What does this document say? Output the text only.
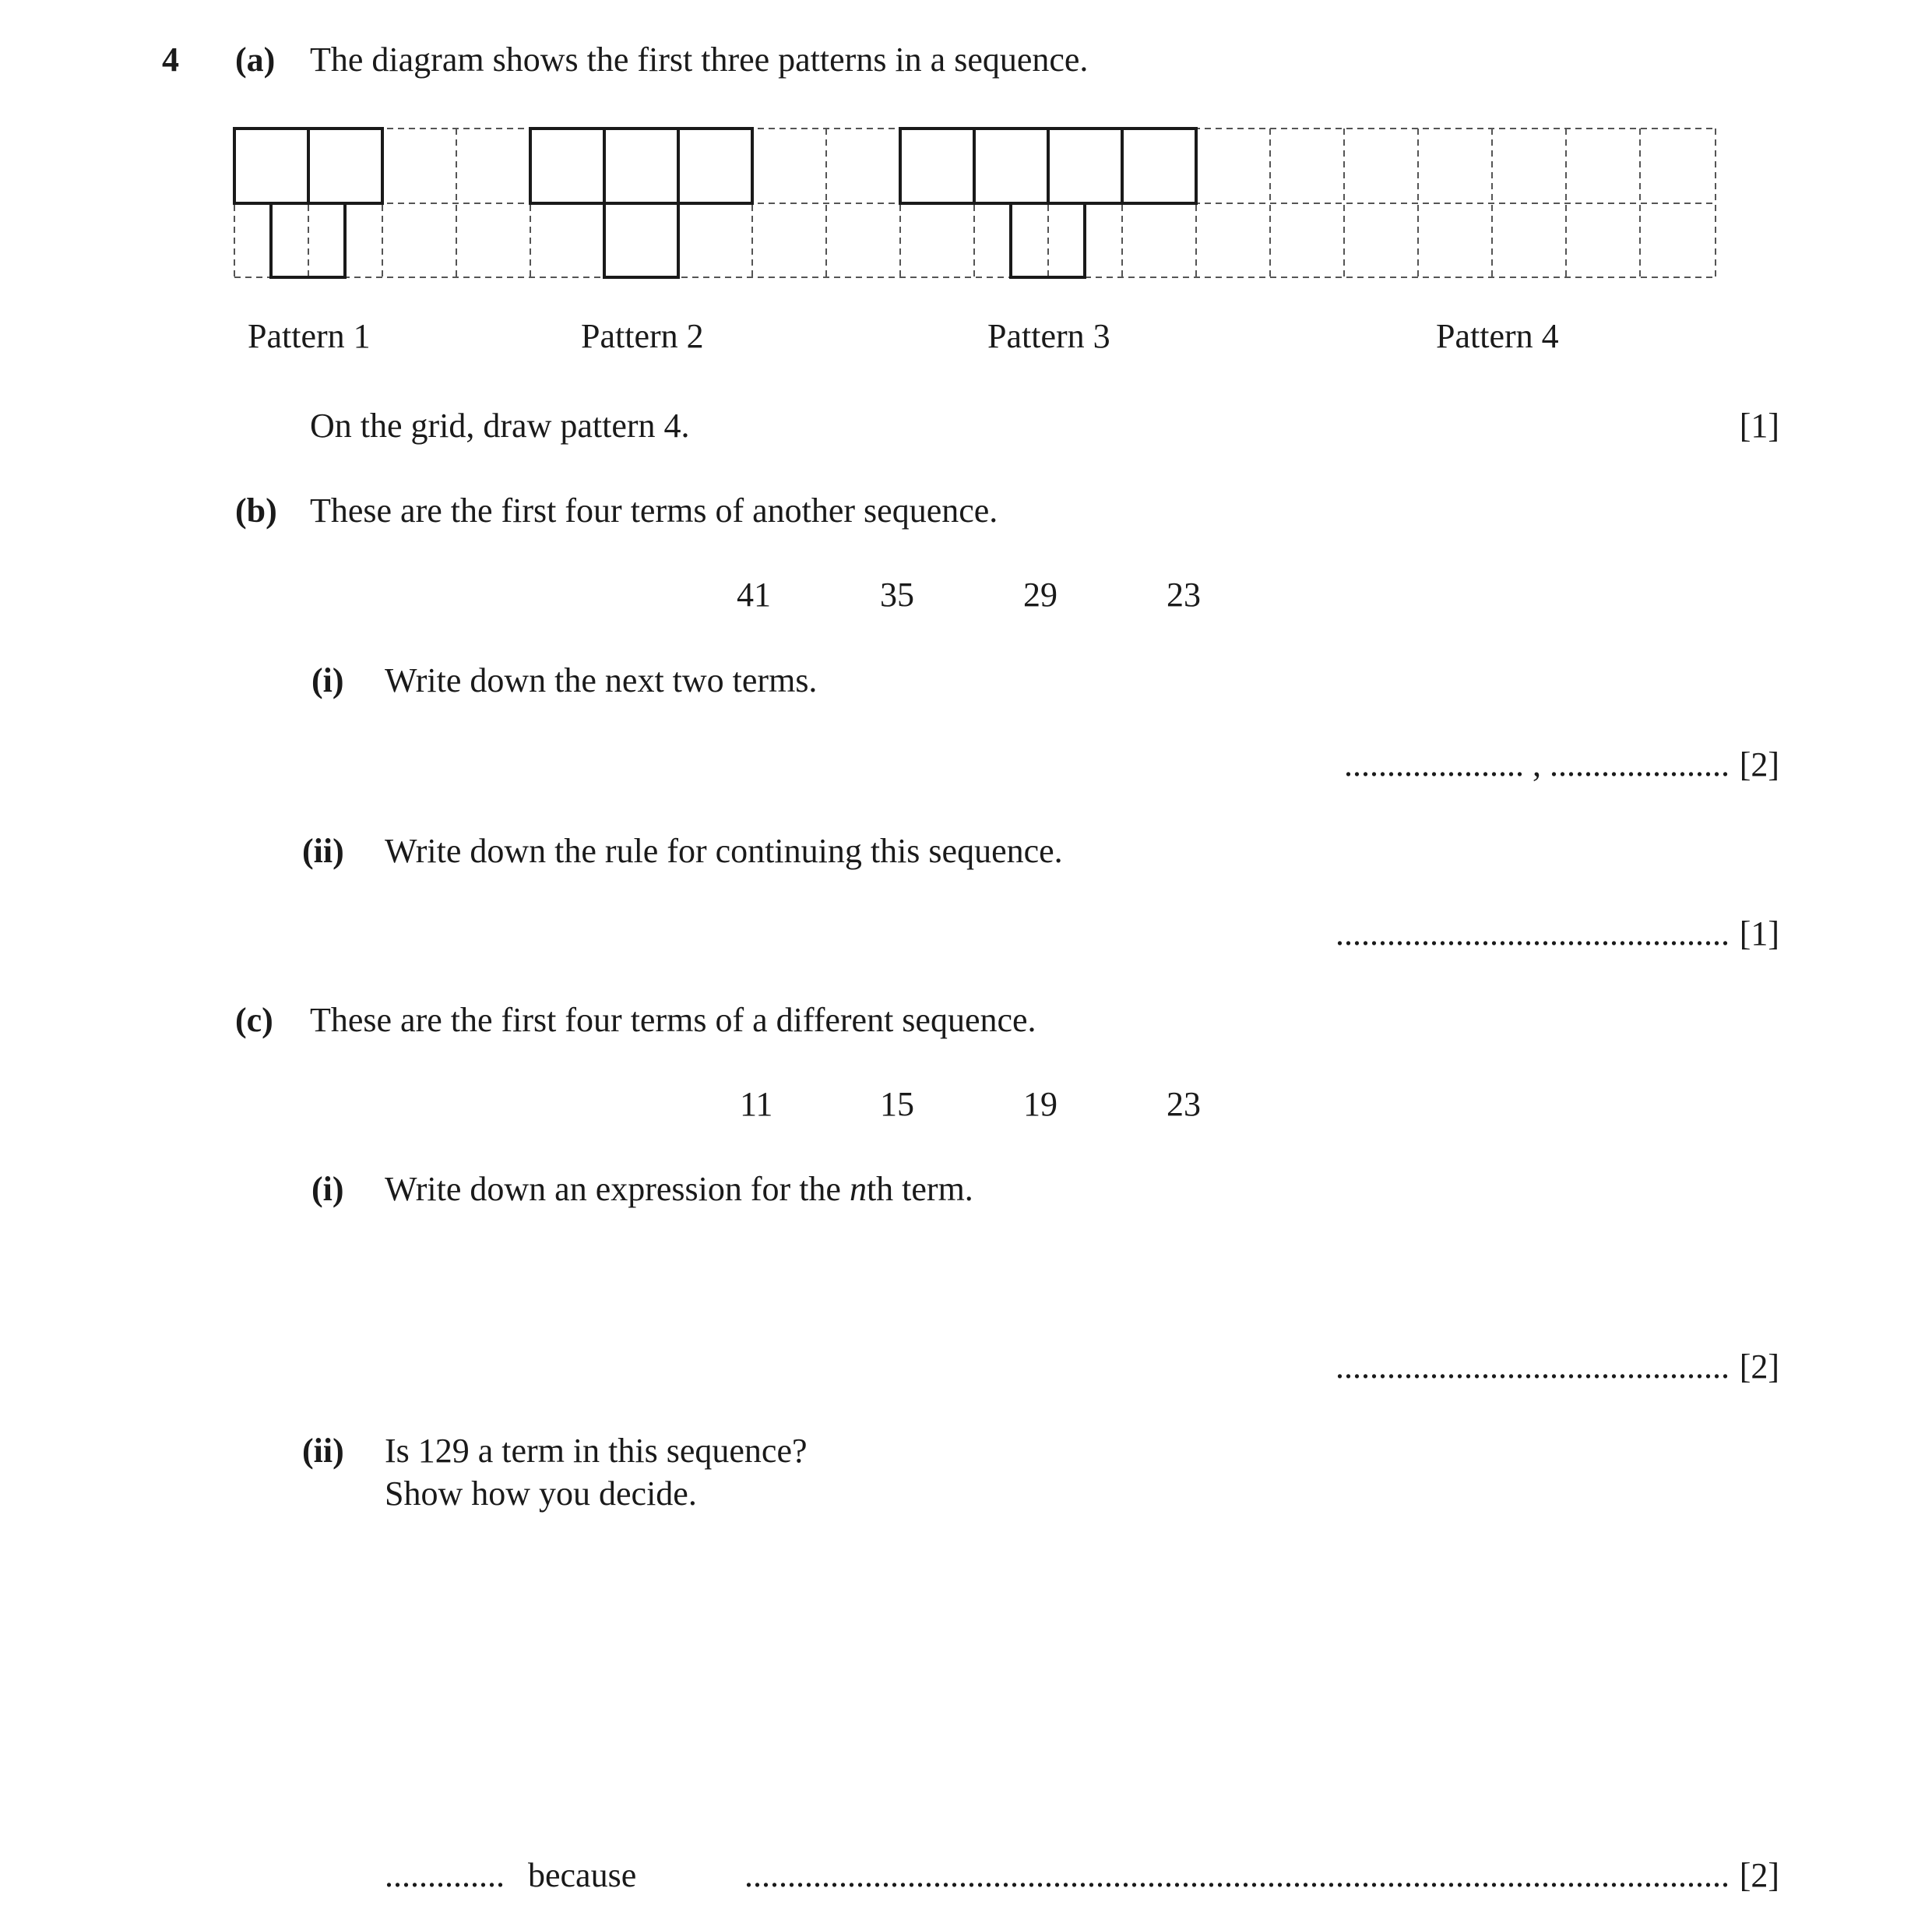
4 (a) The diagram shows the first three patterns in a sequence.
Pattern 1	Pattern 2	Pattern 3	Pattern 4
On the grid, draw pattern 4.	[1]
(b) These are the first four terms of another sequence.
41	35	29	23
(i) Write down the next two terms.
..................... , ..................... [2]
(ii) Write down the rule for continuing this sequence.
.............................................. [1]
(c) These are the first four terms of a different sequence.
11	15	19	23
(i) Write down an expression for the nth term.
.............................................. [2]
(ii) Is 129 a term in this sequence?
Show how you decide.
.............. because	................................................................................................................... [2]
